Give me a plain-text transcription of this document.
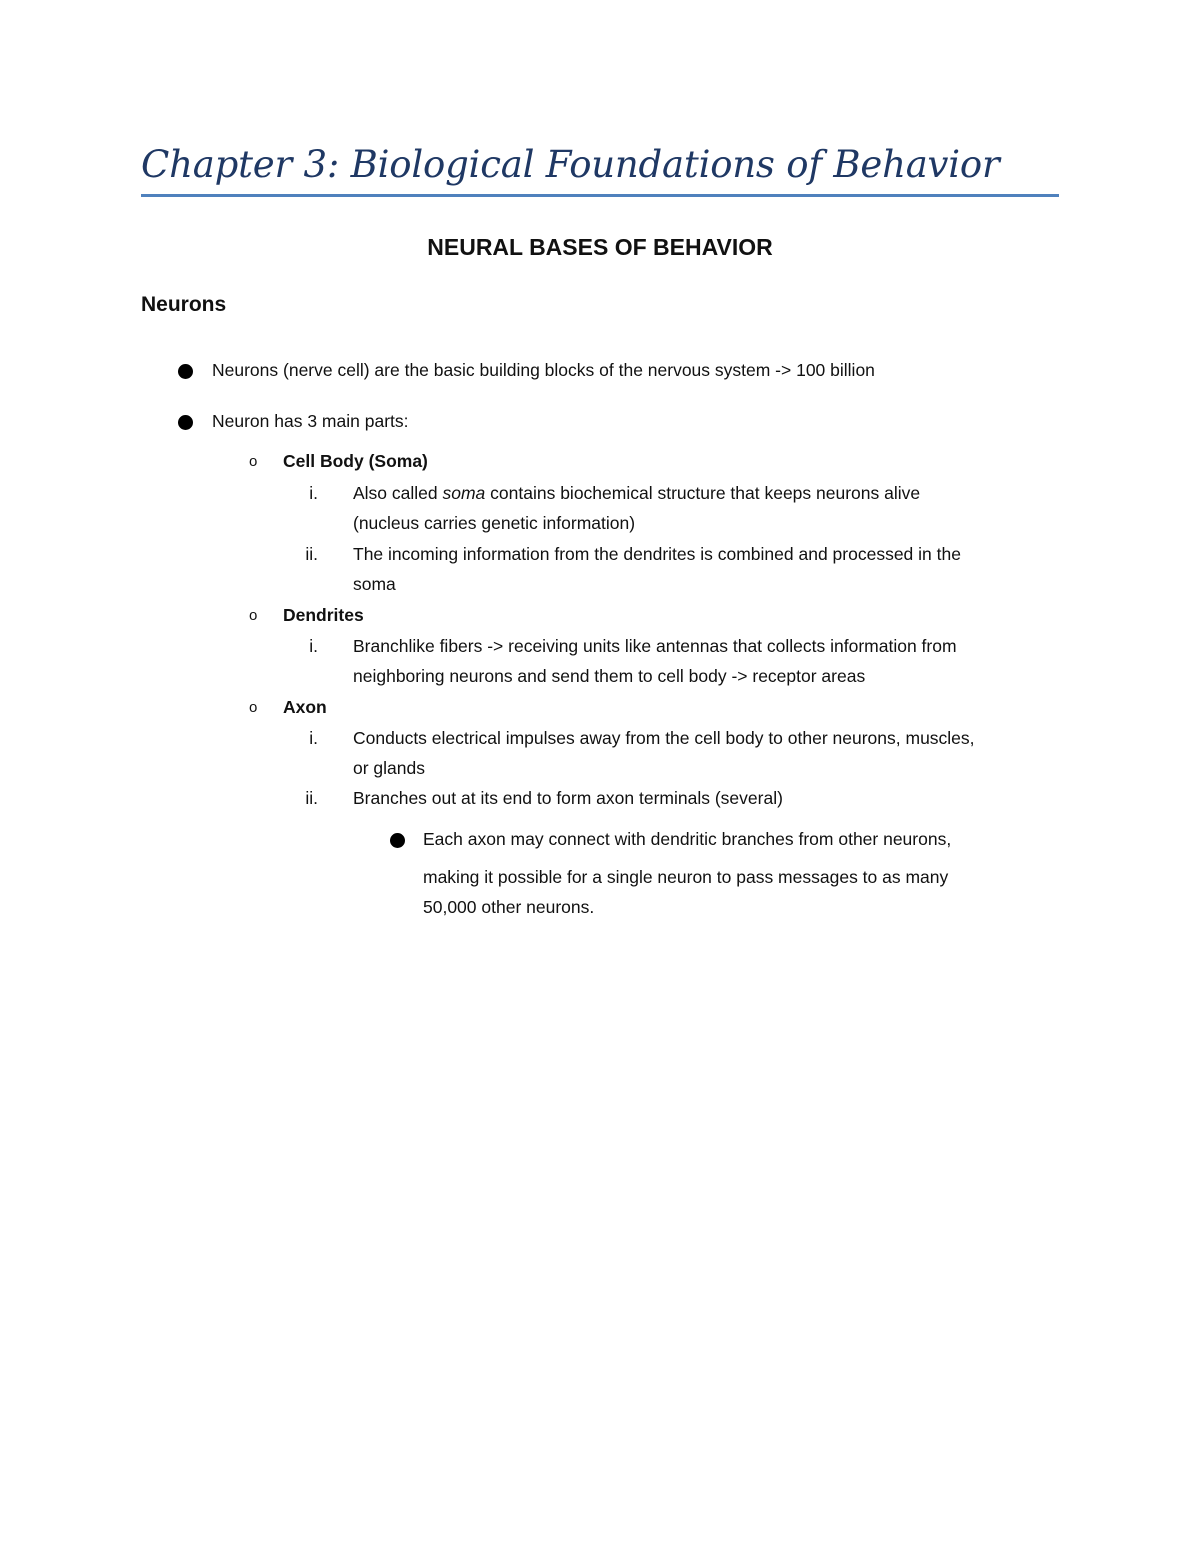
Chapter 3: Biological Foundations of Behavior
NEURAL BASES OF BEHAVIOR
Neurons
Neurons (nerve cell) are the basic building blocks of the nervous system -> 100 billion
Neuron has 3 main parts:
o Cell Body (Soma)
i. Also called soma contains biochemical structure that keeps neurons alive
(nucleus carries genetic information)
ii. The incoming information from the dendrites is combined and processed in the
soma
o Dendrites
i. Branchlike fibers -> receiving units like antennas that collects information from
neighboring neurons and send them to cell body -> receptor areas
o Axon
i. Conducts electrical impulses away from the cell body to other neurons, muscles,
or glands
ii. Branches out at its end to form axon terminals (several)
Each axon may connect with dendritic branches from other neurons,
making it possible for a single neuron to pass messages to as many
50,000 other neurons.
